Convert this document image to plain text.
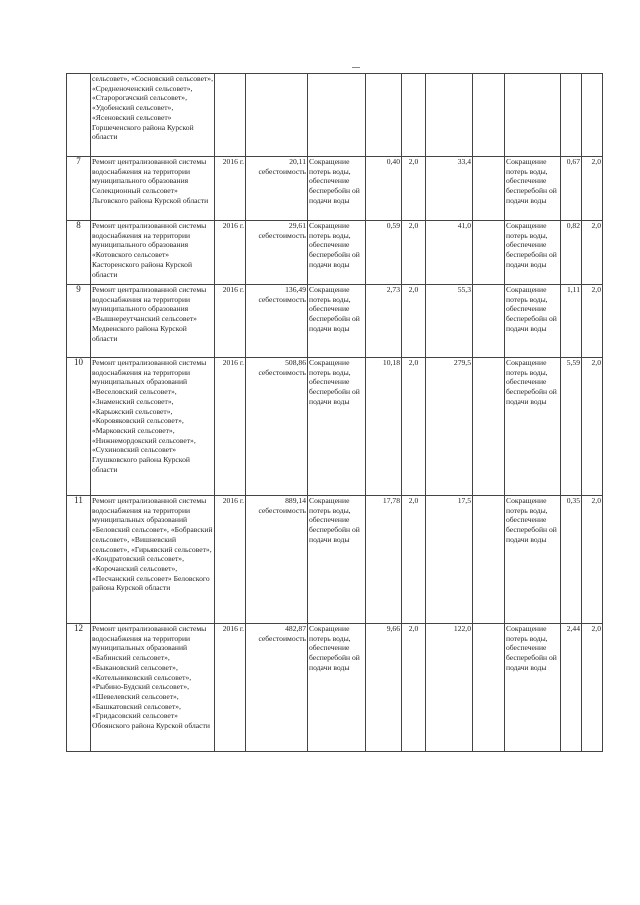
	сельсовет», «Сосновский сельсовет», «Средненоченский сельсовет», «Старорогачский сельсовет», «Удобенский сельсовет», «Ясеновский сельсовет» Горшеченского района Курской области										
7	Ремонт централизованной системы водоснабжения на территории муниципального образования Селекционный сельсовет» Льговского района Курской области	2016 г.	20,11 себестоимость	Сокращение потерь воды, обеспечение бесперебойн ой подачи воды	0,40	2,0	33,4		Сокращение потерь воды, обеспечение бесперебойн ой подачи воды	0,67	2,0
8	Ремонт централизованной системы водоснабжения на территории муниципального образования «Котовского сельсовет» Касторенского района Курской области	2016 г.	29,61 себестоимость	Сокращение потерь воды, обеспечение бесперебойн ой подачи воды	0,59	2,0	41,0		Сокращение потерь воды, обеспечение бесперебойн ой подачи воды	0,82	2,0
9	Ремонт централизованной системы водоснабжения на территории муниципального образования «Вышнереутчанский сельсовет» Медвенского района Курской области	2016 г.	136,49 себестоимость	Сокращение потерь воды, обеспечение бесперебойн ой подачи воды	2,73	2,0	55,3		Сокращение потерь воды, обеспечение бесперебойн ой подачи воды	1,11	2,0
10	Ремонт централизованной системы водоснабжения на территории муниципальных образований «Веселовский сельсовет», «Знаменский сельсовет», «Карыжский сельсовет», «Коровяковский сельсовет», «Марковский сельсовет», «Нижнемордокский сельсовет», «Сухиновский сельсовет» Глушковского района Курской области	2016 г.	508,86 себестоимость	Сокращение потерь воды, обеспечение бесперебойн ой подачи воды	10,18	2,0	279,5		Сокращение потерь воды, обеспечение бесперебойн ой подачи воды	5,59	2,0
11	Ремонт централизованной системы водоснабжения на территории муниципальных образований «Беловский сельсовет», «Бобравский сельсовет», «Вишневский сельсовет», «Гирьявский сельсовет», «Кондратовский сельсовет», «Корочанский сельсовет», «Песчанский сельсовет» Беловского района Курской области	2016 г.	889,14 себестоимость	Сокращение потерь воды, обеспечение бесперебойн ой подачи воды	17,78	2,0	17,5		Сокращение потерь воды, обеспечение бесперебойн ой подачи воды	0,35	2,0
12	Ремонт централизованной системы водоснабжения на территории муниципальных образований «Бабинский сельсовет», «Быкановский сельсовет», «Котельниковский сельсовет», «Рыбино-Будский сельсовет», «Шевелевский сельсовет», «Башкатовский сельсовет», «Гридасовский сельсовет» Обоянского района Курской области	2016 г.	482,87 себестоимость	Сокращение потерь воды, обеспечение бесперебойн ой подачи воды	9,66	2,0	122,0		Сокращение потерь воды, обеспечение бесперебойн ой подачи воды	2,44	2,0
